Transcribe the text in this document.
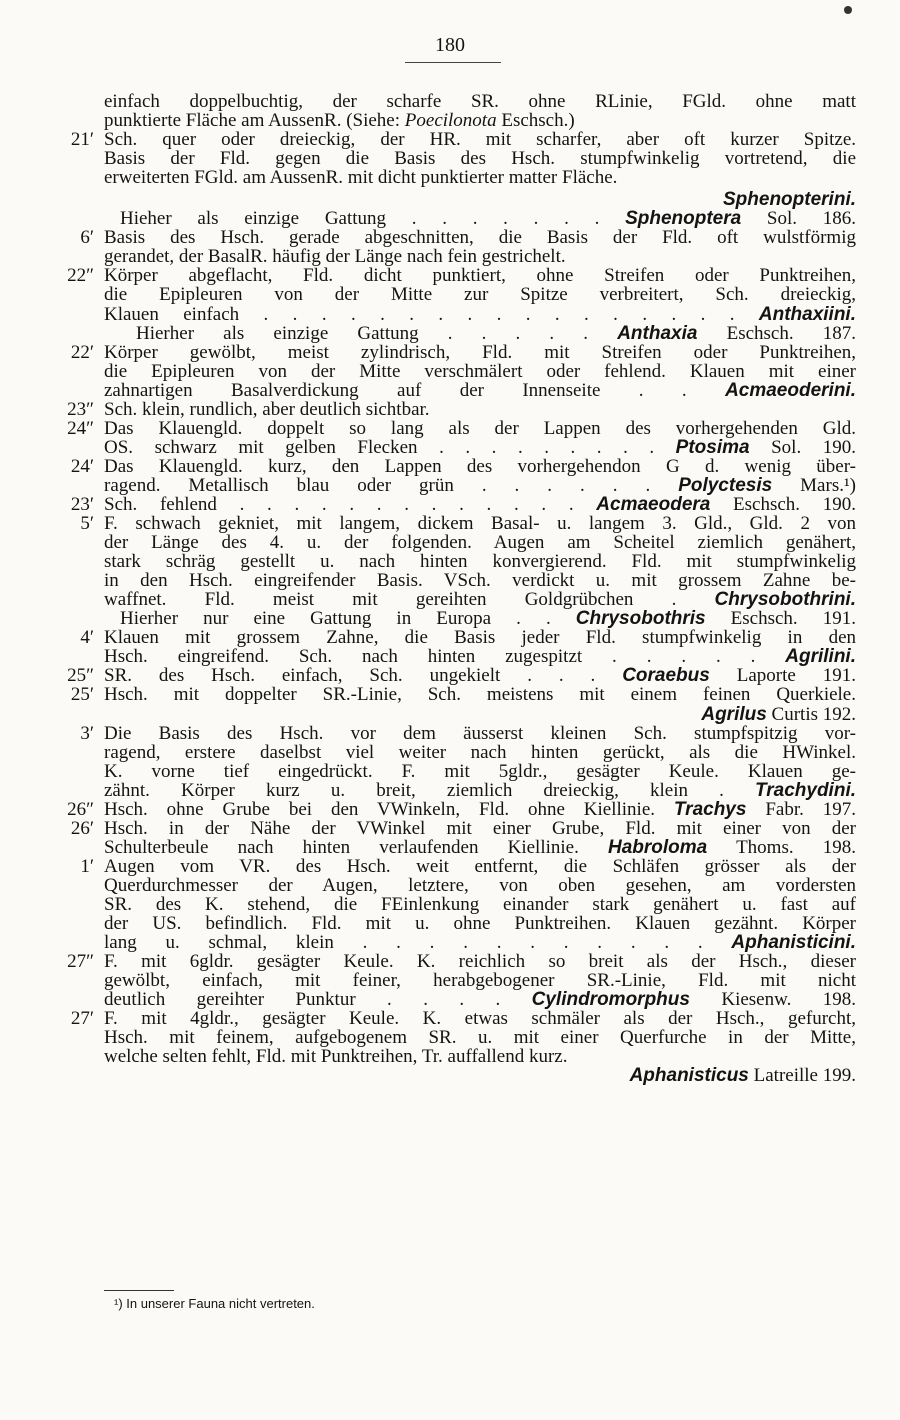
180
einfach doppelbuchtig, der scharfe SR. ohne RLinie, FGld. ohne matt
punktierte Fläche am AussenR. (Siehe: Poecilonota Eschsch.)
21′ Sch. quer oder dreieckig, der HR. mit scharfer, aber oft kurzer Spitze.
Basis der Fld. gegen die Basis des Hsch. stumpfwinkelig vortretend, die
erweiterten FGld. am AussenR. mit dicht punktierter matter Fläche.
Sphenopterini.
Hieher als einzige Gattung . . . . . . . Sphenoptera Sol. 186.
6′ Basis des Hsch. gerade abgeschnitten, die Basis der Fld. oft wulstförmig
gerandet, der BasalR. häufig der Länge nach fein gestrichelt.
22″ Körper abgeflacht, Fld. dicht punktiert, ohne Streifen oder Punktreihen,
die Epipleuren von der Mitte zur Spitze verbreitert, Sch. dreieckig,
Klauen einfach . . . . . . . . . . . . . . . . . Anthaxiini.
Hierher als einzige Gattung . . . . . Anthaxia Eschsch. 187.
22′ Körper gewölbt, meist zylindrisch, Fld. mit Streifen oder Punktreihen,
die Epipleuren von der Mitte verschmälert oder fehlend. Klauen mit einer
zahnartigen Basalverdickung auf der Innenseite . . Acmaeoderini.
23″ Sch. klein, rundlich, aber deutlich sichtbar.
24″ Das Klauengld. doppelt so lang als der Lappen des vorhergehenden Gld.
OS. schwarz mit gelben Flecken . . . . . . . . . Ptosima Sol. 190.
24′ Das Klauengld. kurz, den Lappen des vorhergehendon G d. wenig über-
ragend. Metallisch blau oder grün . . . . . . Polyctesis Mars.¹)
23′ Sch. fehlend . . . . . . . . . . . . . Acmaeodera Eschsch. 190.
5′ F. schwach gekniet, mit langem, dickem Basal- u. langem 3. Gld., Gld. 2 von
der Länge des 4. u. der folgenden. Augen am Scheitel ziemlich genähert,
stark schräg gestellt u. nach hinten konvergierend. Fld. mit stumpfwinkelig
in den Hsch. eingreifender Basis. VSch. verdickt u. mit grossem Zahne be-
waffnet. Fld. meist mit gereihten Goldgrübchen . Chrysobothrini.
Hierher nur eine Gattung in Europa . . Chrysobothris Eschsch. 191.
4′ Klauen mit grossem Zahne, die Basis jeder Fld. stumpfwinkelig in den
Hsch. eingreifend. Sch. nach hinten zugespitzt . . . . . Agrilini.
25″ SR. des Hsch. einfach, Sch. ungekielt . . . Coraebus Laporte 191.
25′ Hsch. mit doppelter SR.-Linie, Sch. meistens mit einem feinen Querkiele.
Agrilus Curtis 192.
3′ Die Basis des Hsch. vor dem äusserst kleinen Sch. stumpfspitzig vor-
ragend, erstere daselbst viel weiter nach hinten gerückt, als die HWinkel.
K. vorne tief eingedrückt. F. mit 5gldr., gesägter Keule. Klauen ge-
zähnt. Körper kurz u. breit, ziemlich dreieckig, klein . Trachydini.
26″ Hsch. ohne Grube bei den VWinkeln, Fld. ohne Kiellinie. Trachys Fabr. 197.
26′ Hsch. in der Nähe der VWinkel mit einer Grube, Fld. mit einer von der
Schulterbeule nach hinten verlaufenden Kiellinie. Habroloma Thoms. 198.
1′ Augen vom VR. des Hsch. weit entfernt, die Schläfen grösser als der
Querdurchmesser der Augen, letztere, von oben gesehen, am vordersten
SR. des K. stehend, die FEinlenkung einander stark genähert u. fast auf
der US. befindlich. Fld. mit u. ohne Punktreihen. Klauen gezähnt. Körper
lang u. schmal, klein . . . . . . . . . . . Aphanisticini.
27″ F. mit 6gldr. gesägter Keule. K. reichlich so breit als der Hsch., dieser
gewölbt, einfach, mit feiner, herabgebogener SR.-Linie, Fld. mit nicht
deutlich gereihter Punktur . . . . Cylindromorphus Kiesenw. 198.
27′ F. mit 4gldr., gesägter Keule. K. etwas schmäler als der Hsch., gefurcht,
Hsch. mit feinem, aufgebogenem SR. u. mit einer Querfurche in der Mitte,
welche selten fehlt, Fld. mit Punktreihen, Tr. auffallend kurz.
Aphanisticus Latreille 199.
¹) In unserer Fauna nicht vertreten.
